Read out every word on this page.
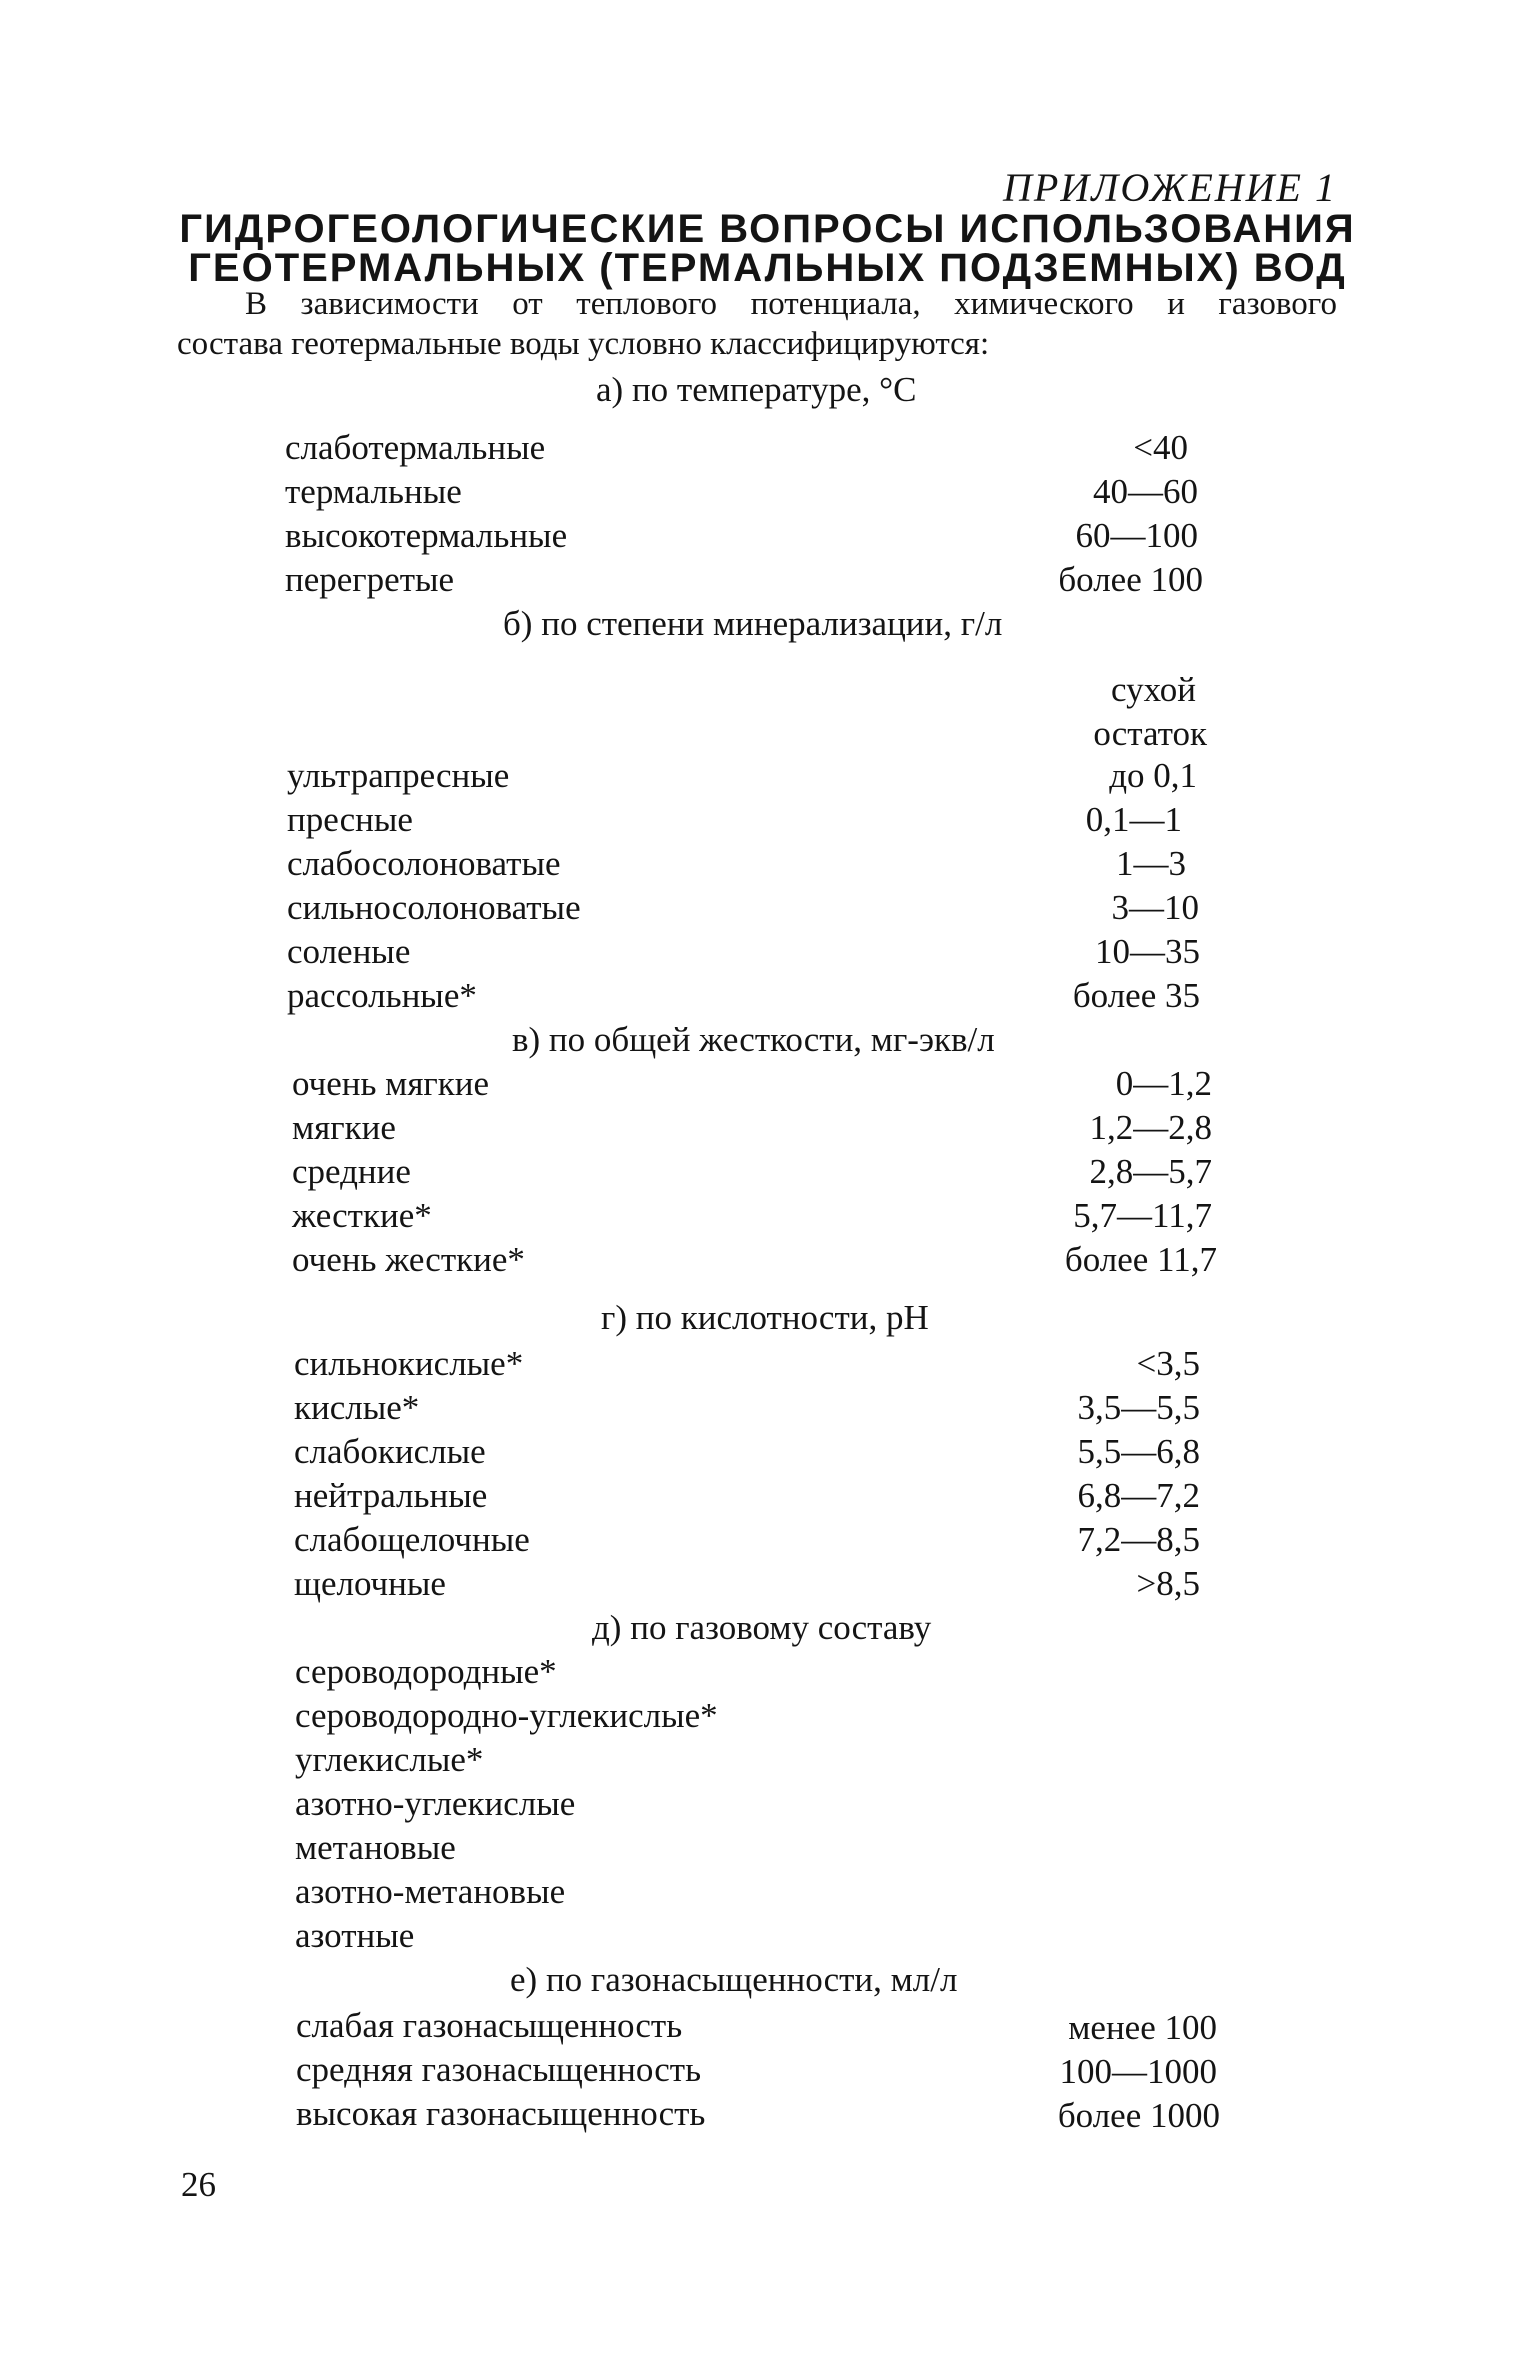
ПРИЛОЖЕНИЕ 1
ГИДРОГЕОЛОГИЧЕСКИЕ ВОПРОСЫ ИСПОЛЬЗОВАНИЯ
ГЕОТЕРМАЛЬНЫХ (ТЕРМАЛЬНЫХ ПОДЗЕМНЫХ) ВОД
В зависимости от теплового потенциала, химического и газового
состава геотермальные воды условно классифицируются:
а) по температуре, °С
слаботермальные	<40
термальные	40—60
высокотермальные	60—100
перегретые	более 100
б) по степени минерализации, г/л
сухой
остаток
ультрапресные	до 0,1
пресные	0,1—1
слабосолоноватые	1—3
сильносолоноватые	3—10
соленые	10—35
рассольные*	более 35
в) по общей жесткости, мг-экв/л
очень мягкие	0—1,2
мягкие	1,2—2,8
средние	2,8—5,7
жесткие*	5,7—11,7
очень жесткие*	более 11,7
г) по кислотности, pH
сильнокислые*	<3,5
кислые*	3,5—5,5
слабокислые	5,5—6,8
нейтральные	6,8—7,2
слабощелочные	7,2—8,5
щелочные	>8,5
д) по газовому составу
сероводородные*
сероводородно-углекислые*
углекислые*
азотно-углекислые
метановые
азотно-метановые
азотные
е) по газонасыщенности, мл/л
слабая газонасыщенность	менее 100
средняя газонасыщенность	100—1000
высокая газонасыщенность	более 1000
26
